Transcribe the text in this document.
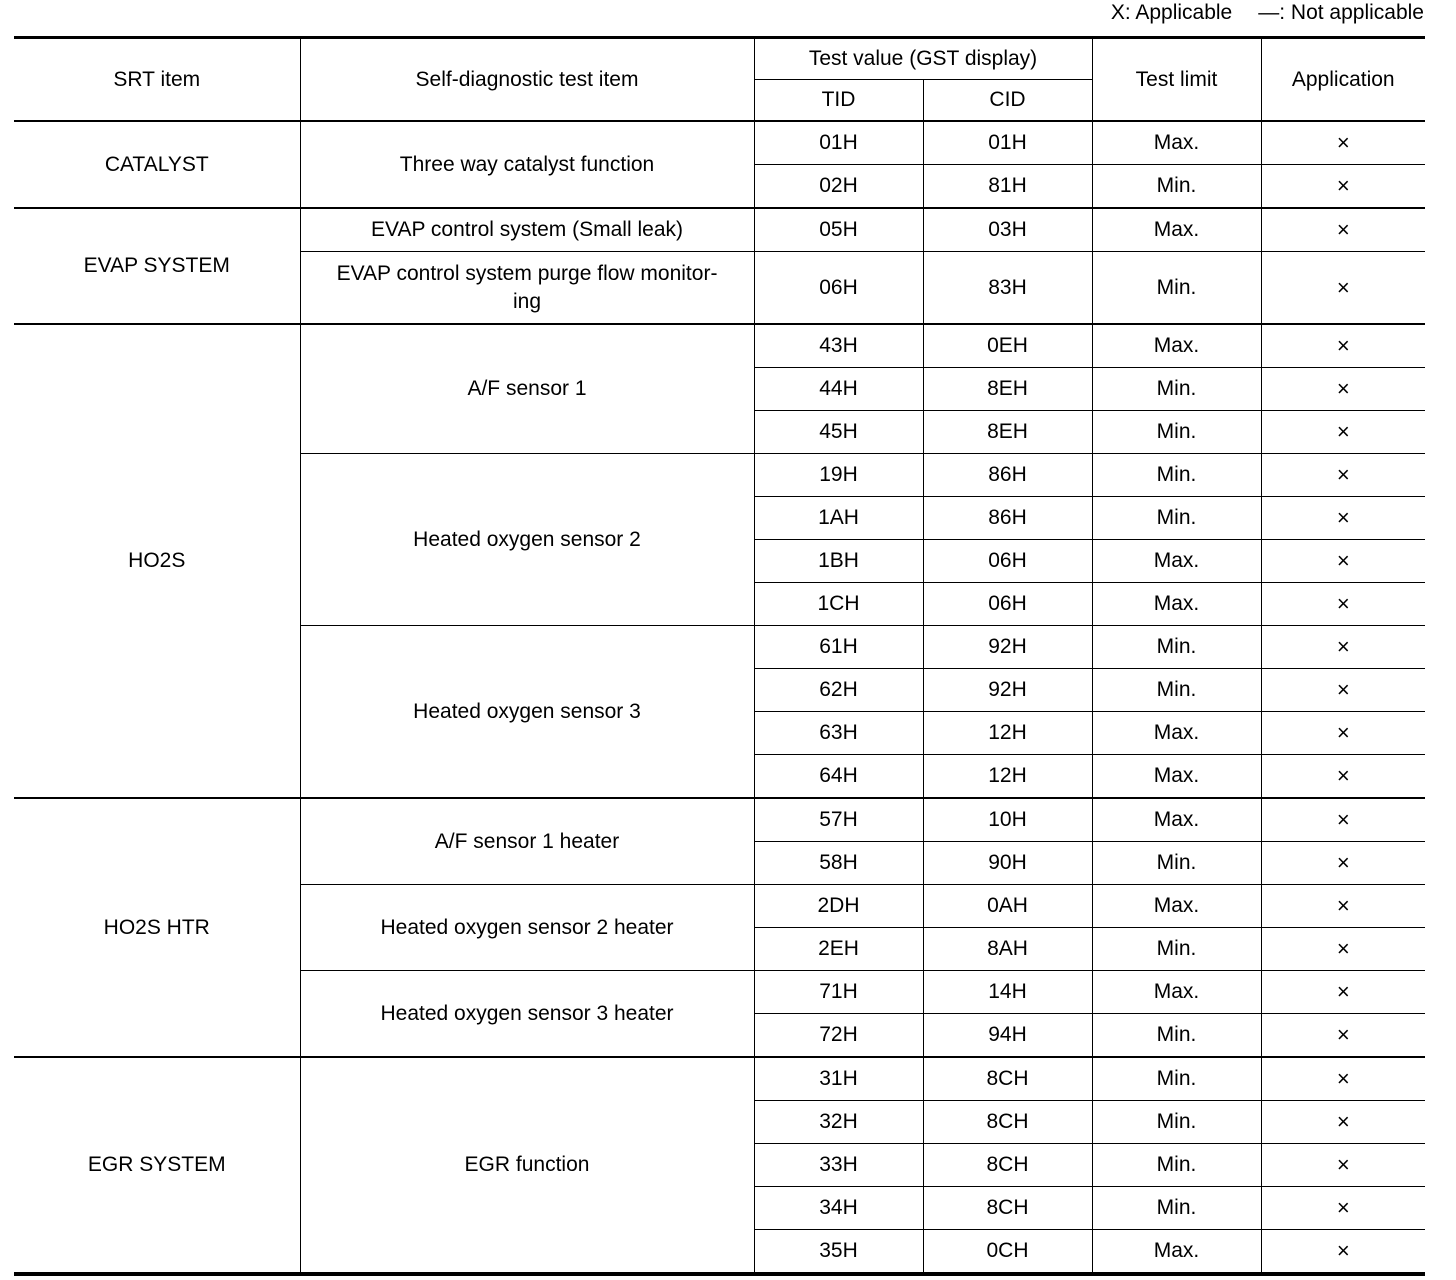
X: Applicable —: Not applicable
SRT item	Self-diagnostic test item	Test value (GST display)		Test limit	Application
		TID	CID		
CATALYST	Three way catalyst function	01H	01H	Max.	×
		02H	81H	Min.	×
EVAP SYSTEM	EVAP control system (Small leak)	05H	03H	Max.	×
	EVAP control system purge flow monitor-
ing	06H	83H	Min.	×
HO2S	A/F sensor 1	43H	0EH	Max.	×
		44H	8EH	Min.	×
		45H	8EH	Min.	×
	Heated oxygen sensor 2	19H	86H	Min.	×
		1AH	86H	Min.	×
		1BH	06H	Max.	×
		1CH	06H	Max.	×
	Heated oxygen sensor 3	61H	92H	Min.	×
		62H	92H	Min.	×
		63H	12H	Max.	×
		64H	12H	Max.	×
HO2S HTR	A/F sensor 1 heater	57H	10H	Max.	×
		58H	90H	Min.	×
	Heated oxygen sensor 2 heater	2DH	0AH	Max.	×
		2EH	8AH	Min.	×
	Heated oxygen sensor 3 heater	71H	14H	Max.	×
		72H	94H	Min.	×
EGR SYSTEM	EGR function	31H	8CH	Min.	×
		32H	8CH	Min.	×
		33H	8CH	Min.	×
		34H	8CH	Min.	×
		35H	0CH	Max.	×
